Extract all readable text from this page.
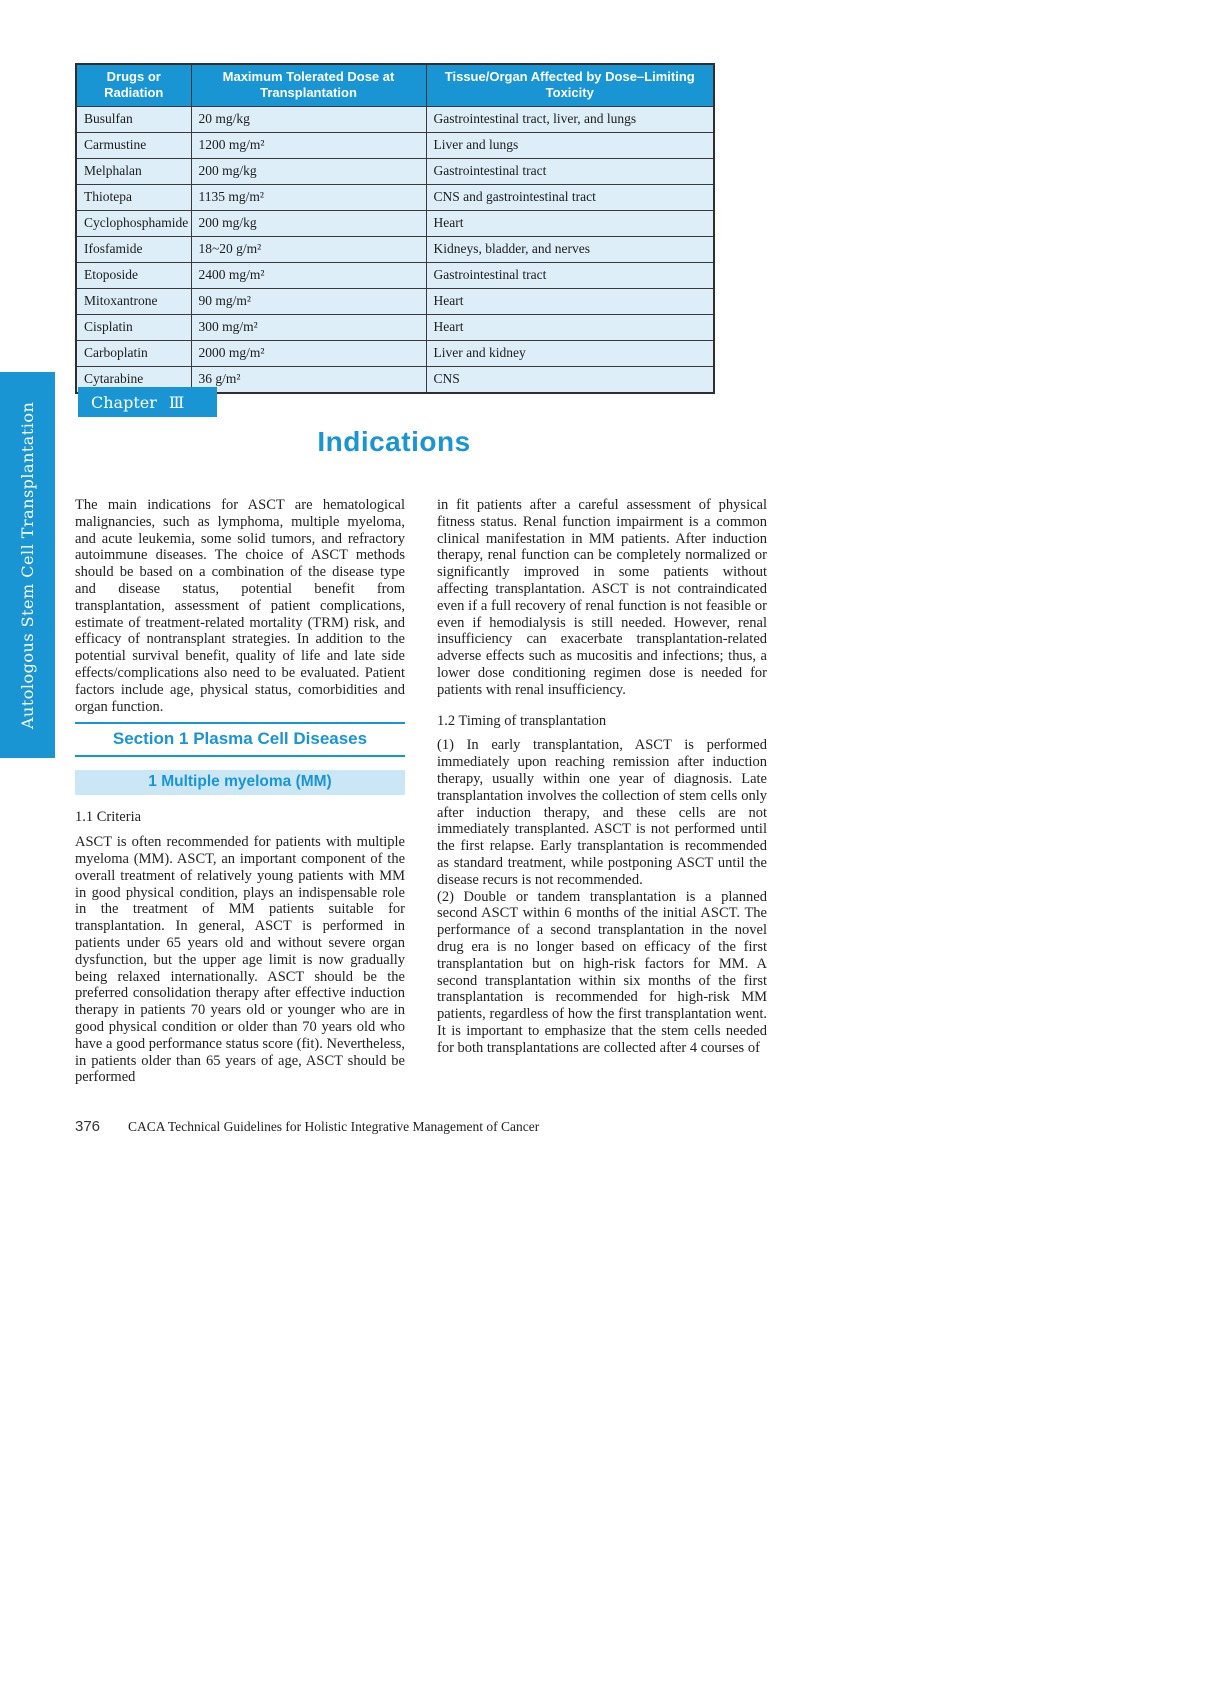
Drugs or Radiation	Maximum Tolerated Dose at Transplantation	Tissue/Organ Affected by Dose–Limiting Toxicity
Busulfan	20 mg/kg	Gastrointestinal tract, liver, and lungs
Carmustine	1200 mg/m²	Liver and lungs
Melphalan	200 mg/kg	Gastrointestinal tract
Thiotepa	1135 mg/m²	CNS and gastrointestinal tract
Cyclophosphamide	200 mg/kg	Heart
Ifosfamide	18~20 g/m²	Kidneys, bladder, and nerves
Etoposide	2400 mg/m²	Gastrointestinal tract
Mitoxantrone	90 mg/m²	Heart
Cisplatin	300 mg/m²	Heart
Carboplatin	2000 mg/m²	Liver and kidney
Cytarabine	36 g/m²	CNS
Autologous Stem Cell Transplantation Technique
Chapter Ⅲ
Indications

The main indications for ASCT are hematological malignancies, such as lymphoma, multiple myeloma, and acute leukemia, some solid tumors, and refractory autoimmune diseases. The choice of ASCT methods should be based on a combination of the disease type and disease status, potential benefit from transplantation, assessment of patient complications, estimate of treatment-related mortality (TRM) risk, and efficacy of nontransplant strategies. In addition to the potential survival benefit, quality of life and late side effects/complications also need to be evaluated. Patient factors include age, physical status, comorbidities and organ function.

Section 1 Plasma Cell Diseases
1 Multiple myeloma (MM)
1.1 Criteria

ASCT is often recommended for patients with multiple myeloma (MM). ASCT, an important component of the overall treatment of relatively young patients with MM in good physical condition, plays an indispensable role in the treatment of MM patients suitable for transplantation. In general, ASCT is performed in patients under 65 years old and without severe organ dysfunction, but the upper age limit is now gradually being relaxed internationally. ASCT should be the preferred consolidation therapy after effective induction therapy in patients 70 years old or younger who are in good physical condition or older than 70 years old who have a good performance status score (fit). Nevertheless, in patients older than 65 years of age, ASCT should be performed

in fit patients after a careful assessment of physical fitness status. Renal function impairment is a common clinical manifestation in MM patients. After induction therapy, renal function can be completely normalized or significantly improved in some patients without affecting transplantation. ASCT is not contraindicated even if a full recovery of renal function is not feasible or even if hemodialysis is still needed. However, renal insufficiency can exacerbate transplantation-related adverse effects such as mucositis and infections; thus, a lower dose conditioning regimen dose is needed for patients with renal insufficiency.

1.2 Timing of transplantation

(1) In early transplantation, ASCT is performed immediately upon reaching remission after induction therapy, usually within one year of diagnosis. Late transplantation involves the collection of stem cells only after induction therapy, and these cells are not immediately transplanted. ASCT is not performed until the first relapse. Early transplantation is recommended as standard treatment, while postponing ASCT until the disease recurs is not recommended.

(2) Double or tandem transplantation is a planned second ASCT within 6 months of the initial ASCT. The performance of a second transplantation in the novel drug era is no longer based on efficacy of the first transplantation but on high-risk factors for MM. A second transplantation within six months of the first transplantation is recommended for high-risk MM patients, regardless of how the first transplantation went. It is important to emphasize that the stem cells needed for both transplantations are collected after 4 courses of

376 CACA Technical Guidelines for Holistic Integrative Management of Cancer
